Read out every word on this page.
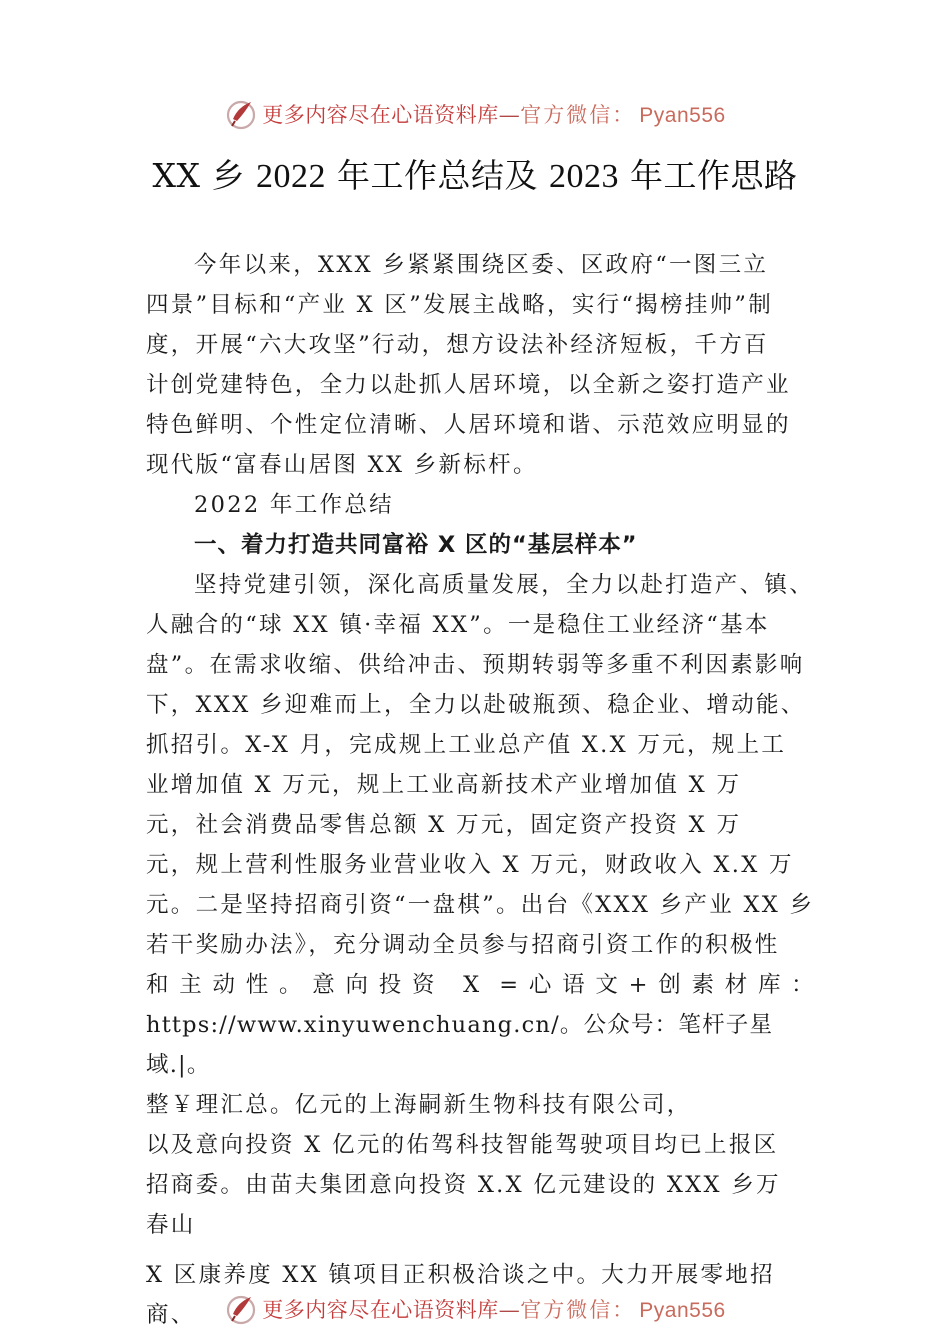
更多内容尽在心语资料库—官方微信： Pyan556
XX 乡 2022 年工作总结及 2023 年工作思路

今年以来，XXX 乡紧紧围绕区委、区政府“一图三立

四景”目标和“产业 X 区”发展主战略，实行“揭榜挂帅”制

度，开展“六大攻坚”行动，想方设法补经济短板，千方百

计创党建特色，全力以赴抓人居环境，以全新之姿打造产业

特色鲜明、个性定位清晰、人居环境和谐、示范效应明显的

现代版“富春山居图 XX 乡新标杆。

2022 年工作总结

一、着力打造共同富裕 X 区的“基层样本”

坚持党建引领，深化高质量发展，全力以赴打造产、镇、

人融合的“球 XX 镇·幸福 XX”。一是稳住工业经济“基本

盘”。在需求收缩、供给冲击、预期转弱等多重不利因素影响

下，XXX 乡迎难而上，全力以赴破瓶颈、稳企业、增动能、

抓招引。X-X 月，完成规上工业总产值 X.X 万元，规上工

业增加值 X 万元，规上工业高新技术产业增加值 X 万

元，社会消费品零售总额 X 万元，固定资产投资 X 万

元，规上营利性服务业营业收入 X 万元，财政收入 X.X 万

元。二是坚持招商引资“一盘棋”。出台《XXX 乡产业 XX 乡

若干奖励办法》，充分调动全员参与招商引资工作的积极性

和主动性。意向投资 X =心语文+创素材库：

https://www.xinyuwenchuang.cn/。公众号：笔杆子星域.|。

整￥理汇总。亿元的上海嗣新生物科技有限公司，

以及意向投资 X 亿元的佑驾科技智能驾驶项目均已上报区

招商委。由苗夫集团意向投资 X.X 亿元建设的 XXX 乡万

春山

X 区康养度 XX 镇项目正积极洽谈之中。大力开展零地招商、	更多内容尽在心语资料库—官方微信： Pyan556
